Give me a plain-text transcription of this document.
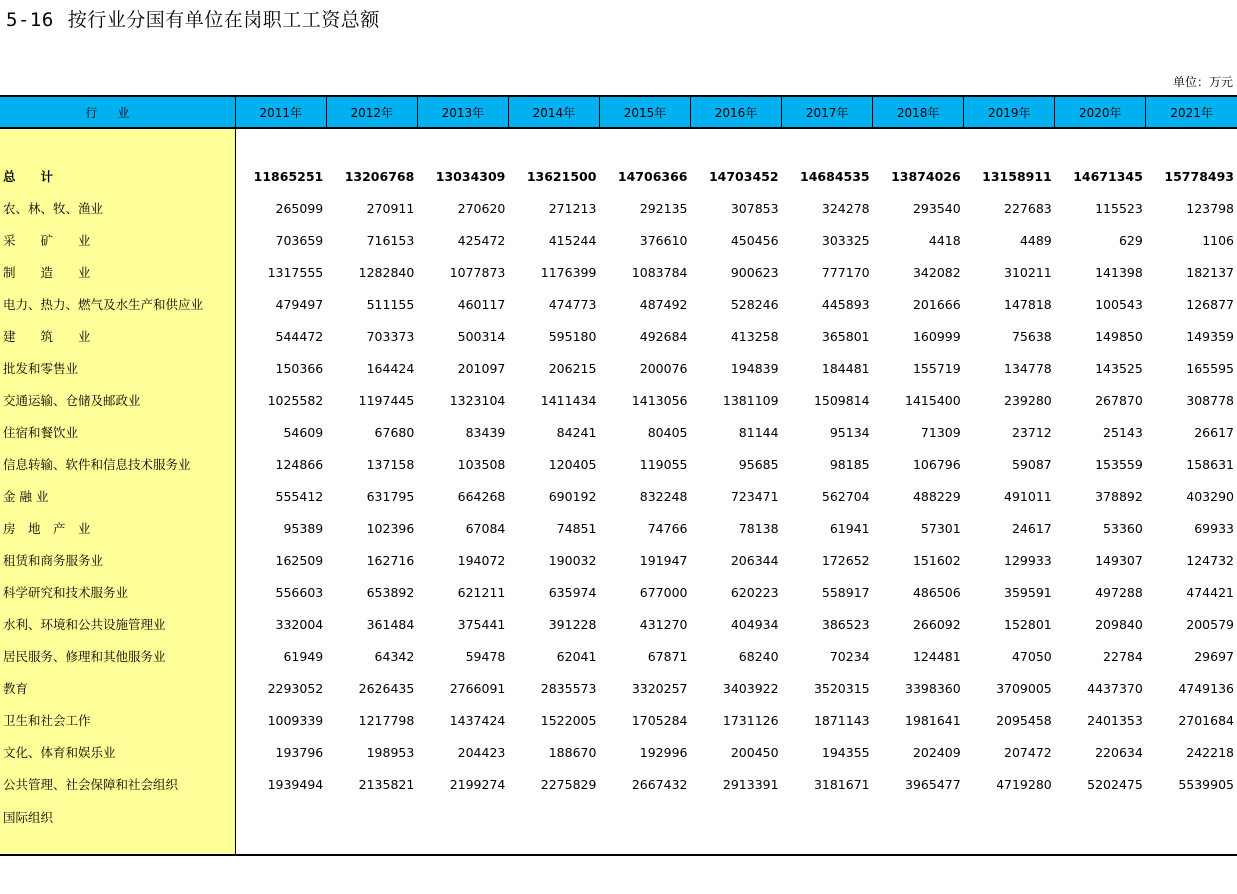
5-16 按行业分国有单位在岗职工工资总额
单位：万元
行业	2011年	2012年	2013年	2014年	2015年	2016年	2017年	2018年	2019年	2020年	2021年

总　　计	11865251	13206768	13034309	13621500	14706366	14703452	14684535	13874026	13158911	14671345	15778493
农、林、牧、渔业	265099	270911	270620	271213	292135	307853	324278	293540	227683	115523	123798
采　　矿　　业	703659	716153	425472	415244	376610	450456	303325	4418	4489	629	1106
制　　造　　业	1317555	1282840	1077873	1176399	1083784	900623	777170	342082	310211	141398	182137
电力、热力、燃气及水生产和供应业	479497	511155	460117	474773	487492	528246	445893	201666	147818	100543	126877
建　　筑　　业	544472	703373	500314	595180	492684	413258	365801	160999	75638	149850	149359
批发和零售业	150366	164424	201097	206215	200076	194839	184481	155719	134778	143525	165595
交通运输、仓储及邮政业	1025582	1197445	1323104	1411434	1413056	1381109	1509814	1415400	239280	267870	308778
住宿和餐饮业	54609	67680	83439	84241	80405	81144	95134	71309	23712	25143	26617
信息转输、软件和信息技术服务业	124866	137158	103508	120405	119055	95685	98185	106796	59087	153559	158631
金 融 业	555412	631795	664268	690192	832248	723471	562704	488229	491011	378892	403290
房　地　产　业	95389	102396	67084	74851	74766	78138	61941	57301	24617	53360	69933
租赁和商务服务业	162509	162716	194072	190032	191947	206344	172652	151602	129933	149307	124732
科学研究和技术服务业	556603	653892	621211	635974	677000	620223	558917	486506	359591	497288	474421
水利、环境和公共设施管理业	332004	361484	375441	391228	431270	404934	386523	266092	152801	209840	200579
居民服务、修理和其他服务业	61949	64342	59478	62041	67871	68240	70234	124481	47050	22784	29697
教育	2293052	2626435	2766091	2835573	3320257	3403922	3520315	3398360	3709005	4437370	4749136
卫生和社会工作	1009339	1217798	1437424	1522005	1705284	1731126	1871143	1981641	2095458	2401353	2701684
文化、体育和娱乐业	193796	198953	204423	188670	192996	200450	194355	202409	207472	220634	242218
公共管理、社会保障和社会组织	1939494	2135821	2199274	2275829	2667432	2913391	3181671	3965477	4719280	5202475	5539905
国际组织											
